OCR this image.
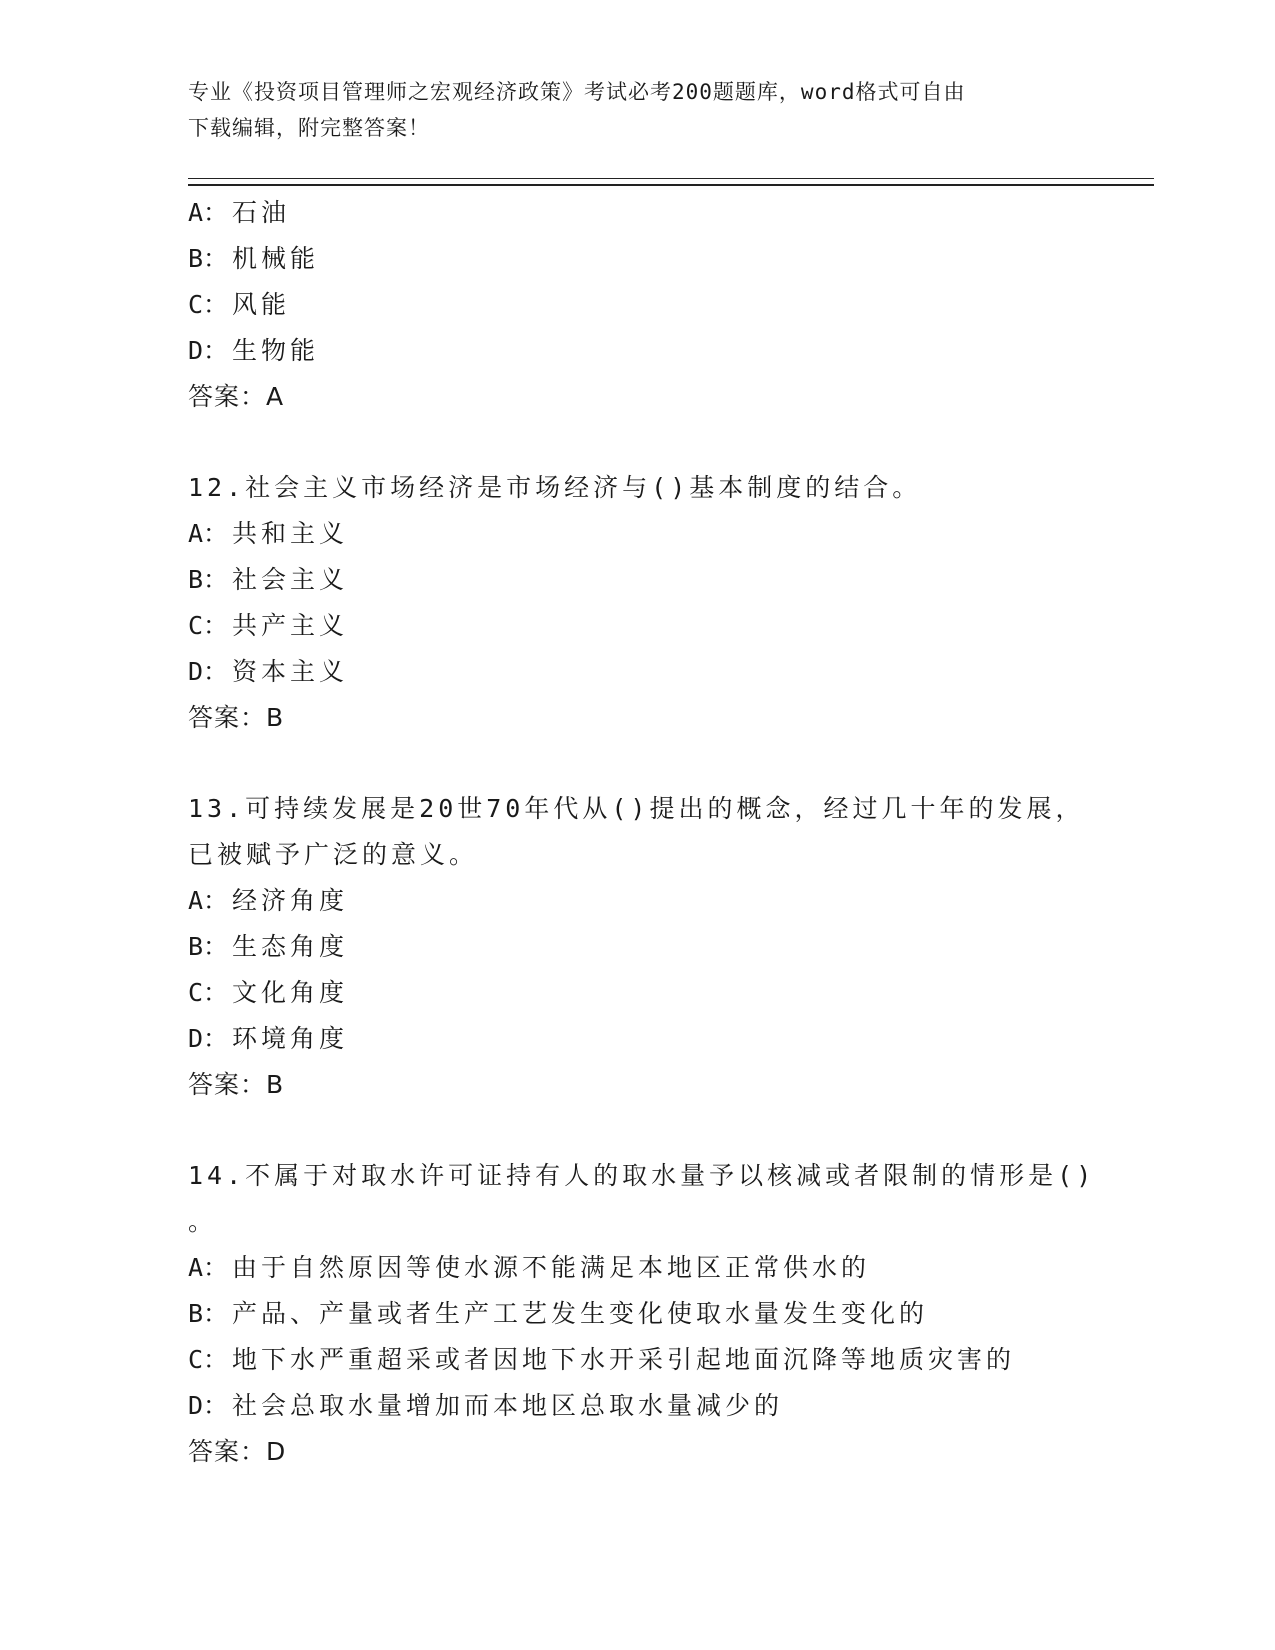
专业《投资项目管理师之宏观经济政策》考试必考200题题库，word格式可自由
下载编辑，附完整答案！
A： 石油
B： 机械能
C： 风能
D： 生物能
答案：A
12.社会主义市场经济是市场经济与()基本制度的结合。
A： 共和主义
B： 社会主义
C： 共产主义
D： 资本主义
答案：B
13.可持续发展是20世70年代从()提出的概念，经过几十年的发展，
已被赋予广泛的意义。
A： 经济角度
B： 生态角度
C： 文化角度
D： 环境角度
答案：B
14.不属于对取水许可证持有人的取水量予以核减或者限制的情形是()
。
A： 由于自然原因等使水源不能满足本地区正常供水的
B： 产品、产量或者生产工艺发生变化使取水量发生变化的
C： 地下水严重超采或者因地下水开采引起地面沉降等地质灾害的
D： 社会总取水量增加而本地区总取水量减少的
答案：D
